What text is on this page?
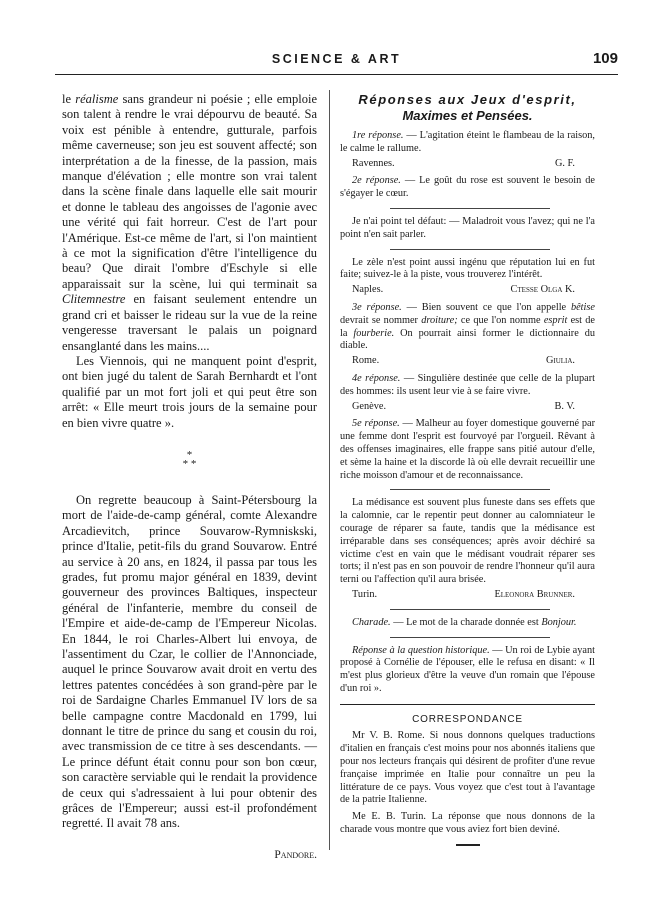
SCIENCE & ART	109

le réalisme sans grandeur ni poésie ; elle emploie son talent à rendre le vrai dépourvu de beauté. Sa voix est pénible à entendre, gutturale, parfois même caverneuse; son jeu est souvent affecté; son interprétation a de la finesse, de la passion, mais manque d'élévation ; elle montre son vrai talent dans la scène finale dans laquelle elle sait mourir et donne le tableau des angoisses de l'agonie avec une vérité qui fait horreur. C'est de l'art pour l'Amérique. Est-ce même de l'art, si l'on maintient à ce mot la signification d'être l'intelligence du beau? Que dirait l'ombre d'Eschyle si elle apparaissait sur la scène, lui qui terminait sa Clitemnestre en faisant seulement entendre un grand cri et baisser le rideau sur la vue de la reine vengeresse traversant le palais un poignard ensanglanté dans les mains....

Les Viennois, qui ne manquent point d'esprit, ont bien jugé du talent de Sarah Bernhardt et l'ont qualifié par un mot fort joli et qui peut être son arrêt: « Elle meurt trois jours de la semaine pour en bien vivre quatre ».

*
* *

On regrette beaucoup à Saint-Pétersbourg la mort de l'aide-de-camp général, comte Alexandre Arcadievitch, prince Souvarow-Rymniskski, prince d'Italie, petit-fils du grand Souvarow. Entré au service à 20 ans, en 1824, il passa par tous les grades, fut promu major général en 1839, devint gouverneur des provinces Baltiques, inspecteur général de l'infanterie, membre du conseil de l'Empire et aide-de-camp de l'Empereur Nicolas. En 1844, le roi Charles-Albert lui envoya, de l'assentiment du Czar, le collier de l'Annonciade, auquel le prince Souvarow avait droit en vertu des lettres patentes concédées à son grand-père par le roi de Sardaigne Charles Emmanuel IV lors de sa belle campagne contre Macdonald en 1799, lui donnant le titre de prince du sang et cousin du roi, avec transmission de ce titre à ses descendants. — Le prince défunt était connu pour son bon cœur, son caractère serviable qui le rendait la providence de ceux qui s'adressaient à lui pour obtenir des grâces de l'Empereur; aussi est-il profondément regretté. Il avait 78 ans.

Pandore.
Réponses aux Jeux d'esprit,
Maximes et Pensées.

1re réponse. — L'agitation éteint le flambeau de la raison, le calme le rallume.

Ravennes.	G. F.

2e réponse. — Le goût du rose est souvent le besoin de s'égayer le cœur.

Je n'ai point tel défaut: — Maladroit vous l'avez; qui ne l'a point n'en sait parler.

Le zèle n'est point aussi ingénu que réputation lui en fut faite; suivez-le à la piste, vous trouverez l'intérêt.

Naples.	Ctesse Olga K.

3e réponse. — Bien souvent ce que l'on appelle bêtise devrait se nommer droiture; ce que l'on nomme esprit est de la fourberie. On pourrait ainsi former le dictionnaire du diable.

Rome.	Giulia.

4e réponse. — Singulière destinée que celle de la plupart des hommes: ils usent leur vie à se faire vivre.

Genève.	B. V.

5e réponse. — Malheur au foyer domestique gouverné par une femme dont l'esprit est fourvoyé par l'orgueil. Rêvant à des offenses imaginaires, elle frappe sans pitié autour d'elle, et sème la haine et la discorde là où elle devrait recueillir une riche moisson d'amour et de reconnaissance.

La médisance est souvent plus funeste dans ses effets que la calomnie, car le repentir peut donner au calomniateur le courage de réparer sa faute, tandis que la médisance est irréparable dans ses conséquences; après avoir déchiré sa victime c'est en vain que le médisant voudrait réparer ses torts; il n'est pas en son pouvoir de rendre l'honneur qu'il aura terni ou l'affection qu'il aura brisée.

Turin.	Eleonora Brunner.

Charade. — Le mot de la charade donnée est Bonjour.

Réponse à la question historique. — Un roi de Lybie ayant proposé à Cornélie de l'épouser, elle le refusa en disant: « Il m'est plus glorieux d'être la veuve d'un romain que l'épouse d'un roi ».

CORRESPONDANCE

Mr V. B. Rome. Si nous donnons quelques traductions d'italien en français c'est moins pour nos abonnés italiens que pour nos lecteurs français qui désirent de profiter d'une revue française imprimée en Italie pour connaître un peu la littérature de ce pays. Vous voyez que c'est tout à l'avantage de la patrie Italienne.

Me E. B. Turin. La réponse que nous donnons de la charade vous montre que vous aviez fort bien deviné.
